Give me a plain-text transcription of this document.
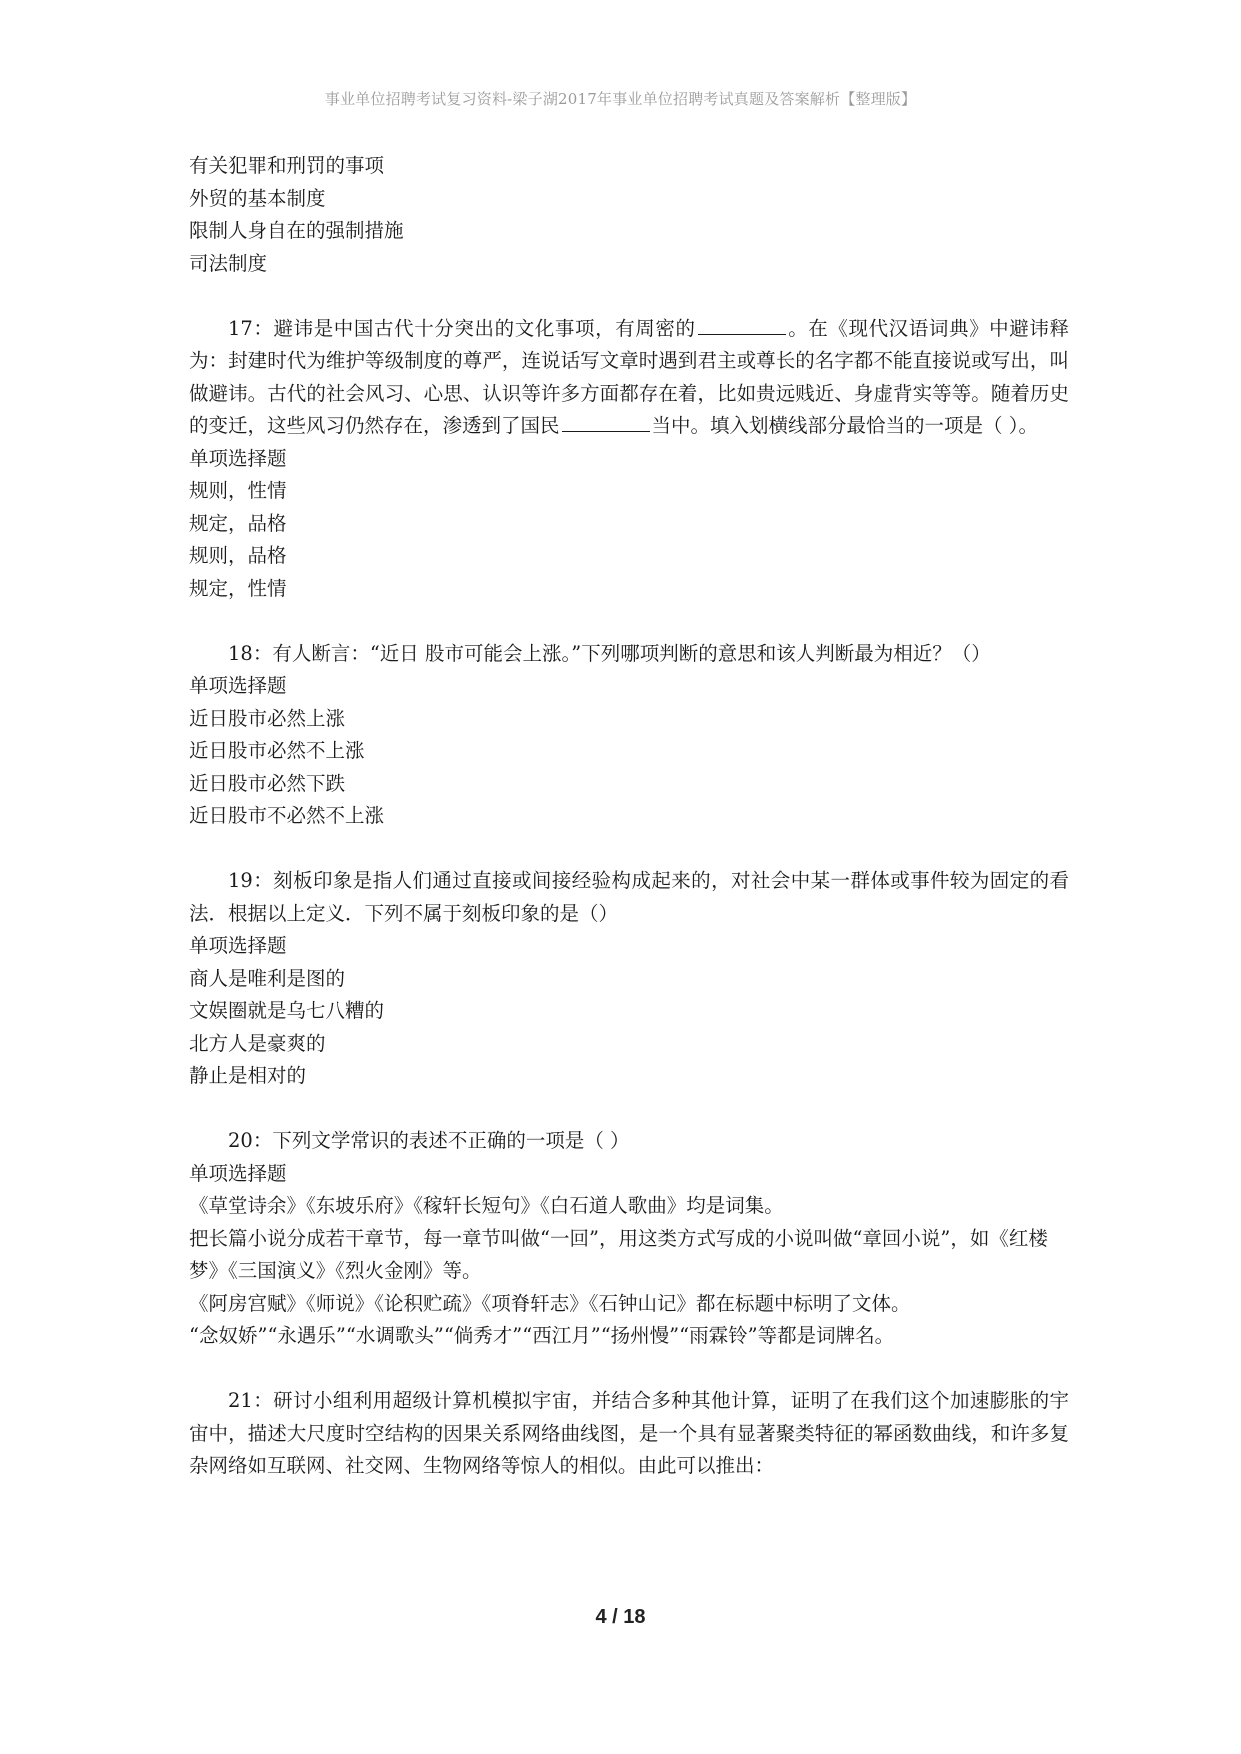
事业单位招聘考试复习资料-梁子湖2017年事业单位招聘考试真题及答案解析【整理版】
有关犯罪和刑罚的事项
外贸的基本制度
限制人身自在的强制措施
司法制度
17：避讳是中国古代十分突出的文化事项，有周密的	。在《现代汉语词典》中避讳释为：封建时代为维护等级制度的尊严，连说话写文章时遇到君主或尊长的名字都不能直接说或写出，叫做避讳。古代的社会风习、心思、认识等许多方面都存在着，比如贵远贱近、身虚背实等等。随着历史的变迁，这些风习仍然存在，渗透到了国民	当中。填入划横线部分最恰当的一项是（ ）。
单项选择题
规则，性情
规定，品格
规则，品格
规定，性情
18：有人断言：“近日 股市可能会上涨。”下列哪项判断的意思和该人判断最为相近？（）
单项选择题
近日股市必然上涨
近日股市必然不上涨
近日股市必然下跌
近日股市不必然不上涨
19：刻板印象是指人们通过直接或间接经验构成起来的，对社会中某一群体或事件较为固定的看法．根据以上定义．下列不属于刻板印象的是（）
单项选择题
商人是唯利是图的
文娱圈就是乌七八糟的
北方人是豪爽的
静止是相对的
20：下列文学常识的表述不正确的一项是（ ）
单项选择题
《草堂诗余》《东坡乐府》《稼轩长短句》《白石道人歌曲》均是词集。
把长篇小说分成若干章节，每一章节叫做“一回”，用这类方式写成的小说叫做“章回小说”，如《红楼梦》《三国演义》《烈火金刚》等。
《阿房宫赋》《师说》《论积贮疏》《项脊轩志》《石钟山记》都在标题中标明了文体。
“念奴娇”“永遇乐”“水调歌头”“倘秀才”“西江月”“扬州慢”“雨霖铃”等都是词牌名。
21：研讨小组利用超级计算机模拟宇宙，并结合多种其他计算，证明了在我们这个加速膨胀的宇宙中，描述大尺度时空结构的因果关系网络曲线图，是一个具有显著聚类特征的幂函数曲线，和许多复杂网络如互联网、社交网、生物网络等惊人的相似。由此可以推出：
4 / 18
